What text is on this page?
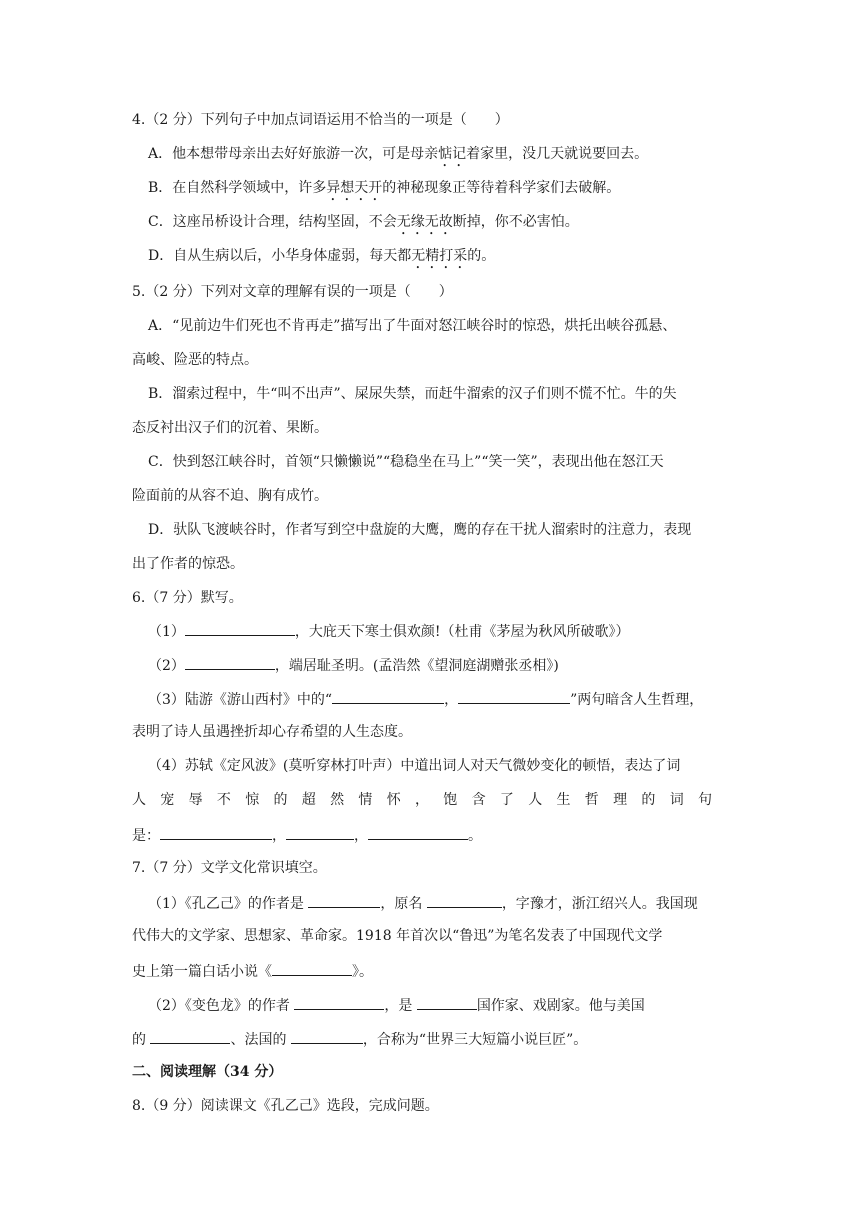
4.（2 分）下列句子中加点词语运用不恰当的一项是（　　）
A．他本想带母亲出去好好旅游一次，可是母亲惦记着家里，没几天就说要回去。
B．在自然科学领域中，许多异想天开的神秘现象正等待着科学家们去破解。
C．这座吊桥设计合理，结构坚固，不会无缘无故断掉，你不必害怕。
D．自从生病以后，小华身体虚弱，每天都无精打采的。
5.（2 分）下列对文章的理解有误的一项是（　　）
A．“见前边牛们死也不肯再走”描写出了牛面对怒江峡谷时的惊恐，烘托出峡谷孤悬、
高峻、险恶的特点。
B．溜索过程中，牛“叫不出声”、屎尿失禁，而赶牛溜索的汉子们则不慌不忙。牛的失
态反衬出汉子们的沉着、果断。
C．快到怒江峡谷时，首领“只懒懒说”“稳稳坐在马上”“笑一笑”，表现出他在怒江天
险面前的从容不迫、胸有成竹。
D．驮队飞渡峡谷时，作者写到空中盘旋的大鹰，鹰的存在干扰人溜索时的注意力，表现
出了作者的惊恐。
6.（7 分）默写。
（1）	，大庇天下寒士俱欢颜!（杜甫《茅屋为秋风所破歌》）
（2）	，端居耻圣明。(孟浩然《望洞庭湖赠张丞相》)
（3）陆游《游山西村》中的“	，	”两句暗含人生哲理，
表明了诗人虽遇挫折却心存希望的人生态度。
（4）苏轼《定风波》(莫听穿林打叶声）中道出词人对天气微妙变化的顿悟，表达了词
人宠辱不惊的超然情怀，饱含了人生哲理的词句
是：	，	，	。
7.（7 分）文学文化常识填空。
（1）《孔乙己》的作者是	，原名	，字豫才，浙江绍兴人。我国现
代伟大的文学家、思想家、革命家。1918 年首次以“鲁迅”为笔名发表了中国现代文学
史上第一篇白话小说《	》。
（2）《变色龙》的作者	，是	国作家、戏剧家。他与美国
的	、法国的	，合称为“世界三大短篇小说巨匠”。
二、阅读理解（34 分）
8.（9 分）阅读课文《孔乙己》选段，完成问题。
